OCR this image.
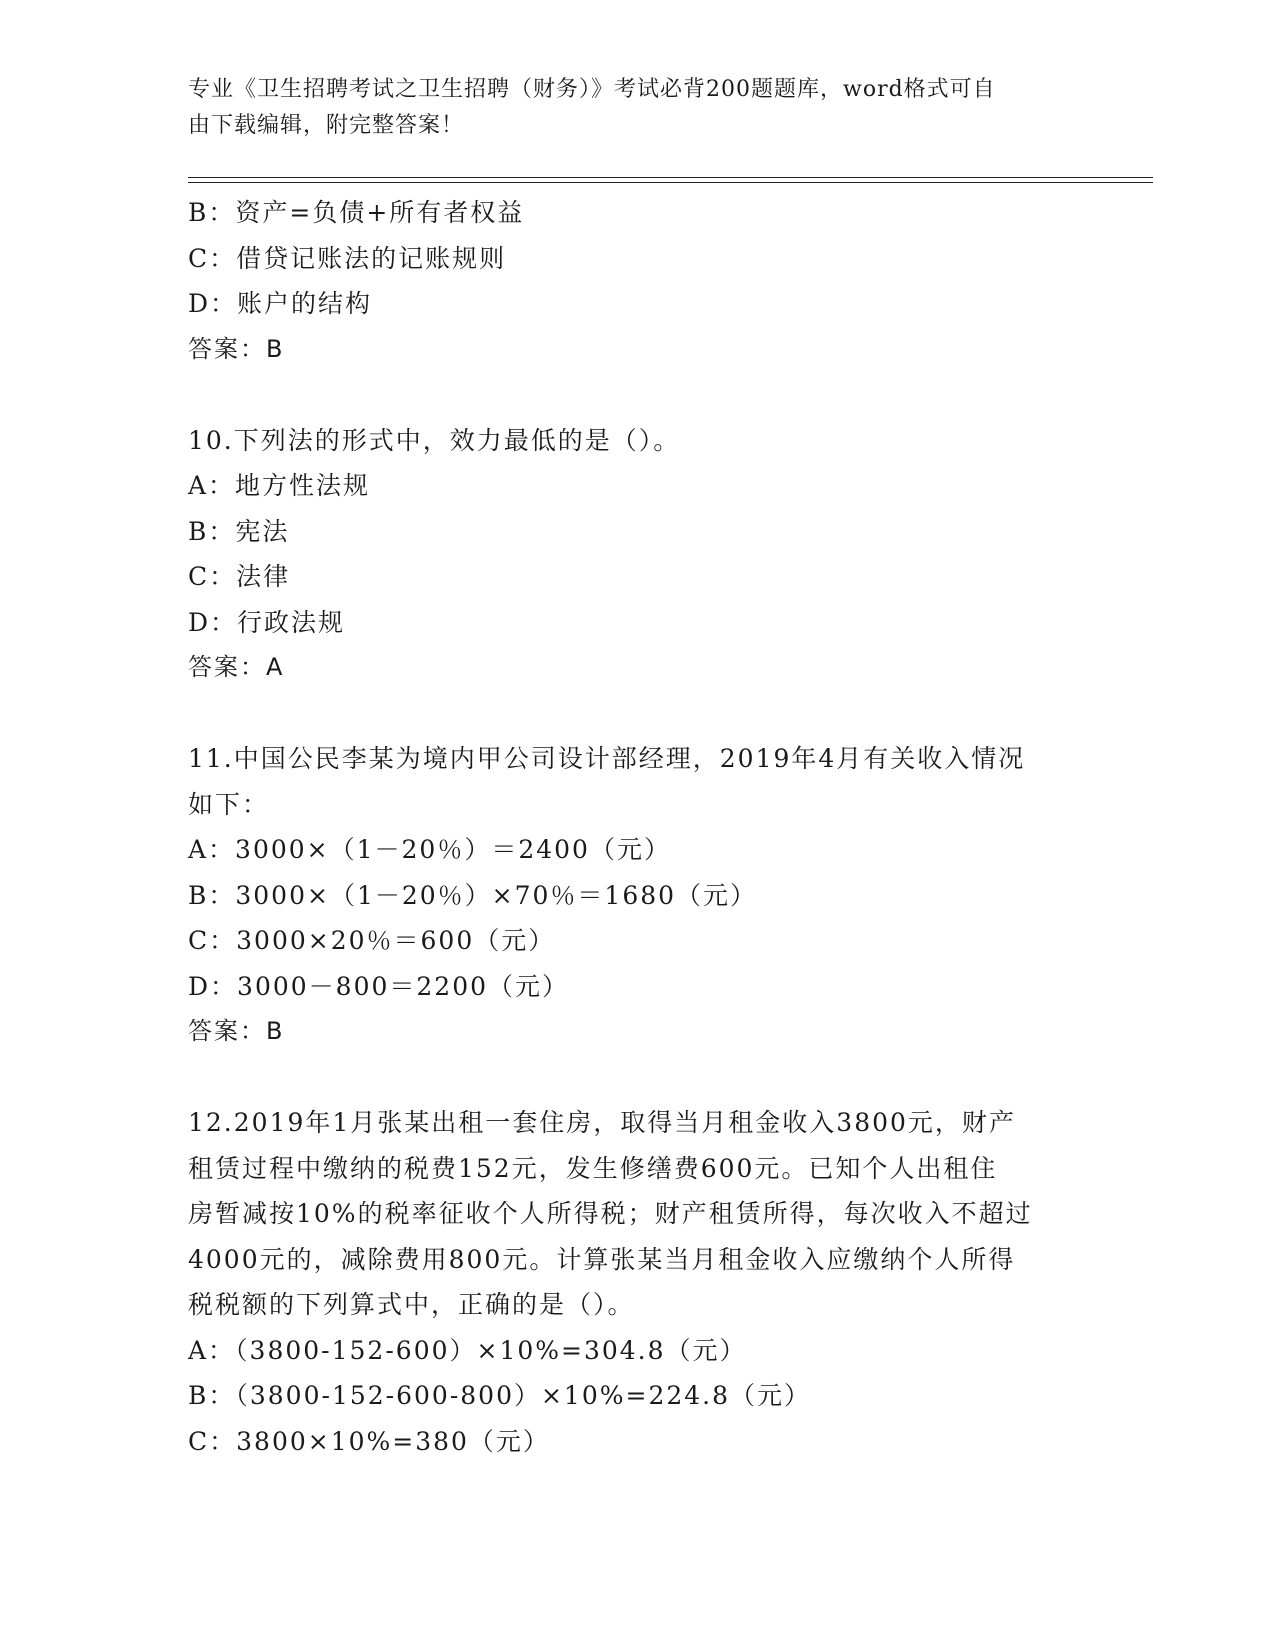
专业《卫生招聘考试之卫生招聘（财务）》考试必背200题题库，word格式可自
由下载编辑，附完整答案！
B：资产=负债+所有者权益
C：借贷记账法的记账规则
D：账户的结构
答案：B
10.下列法的形式中，效力最低的是（）。
A：地方性法规
B：宪法
C：法律
D：行政法规
答案：A
11.中国公民李某为境内甲公司设计部经理，2019年4月有关收入情况
如下：
A：3000×（1－20％）＝2400（元）
B：3000×（1－20％）×70％＝1680（元）
C：3000×20％＝600（元）
D：3000－800＝2200（元）
答案：B
12.2019年1月张某出租一套住房，取得当月租金收入3800元，财产
租赁过程中缴纳的税费152元，发生修缮费600元。已知个人出租住
房暂减按10%的税率征收个人所得税；财产租赁所得，每次收入不超过
4000元的，减除费用800元。计算张某当月租金收入应缴纳个人所得
税税额的下列算式中，正确的是（）。
A：（3800-152-600）×10%=304.8（元）
B：（3800-152-600-800）×10%=224.8（元）
C：3800×10%=380（元）
